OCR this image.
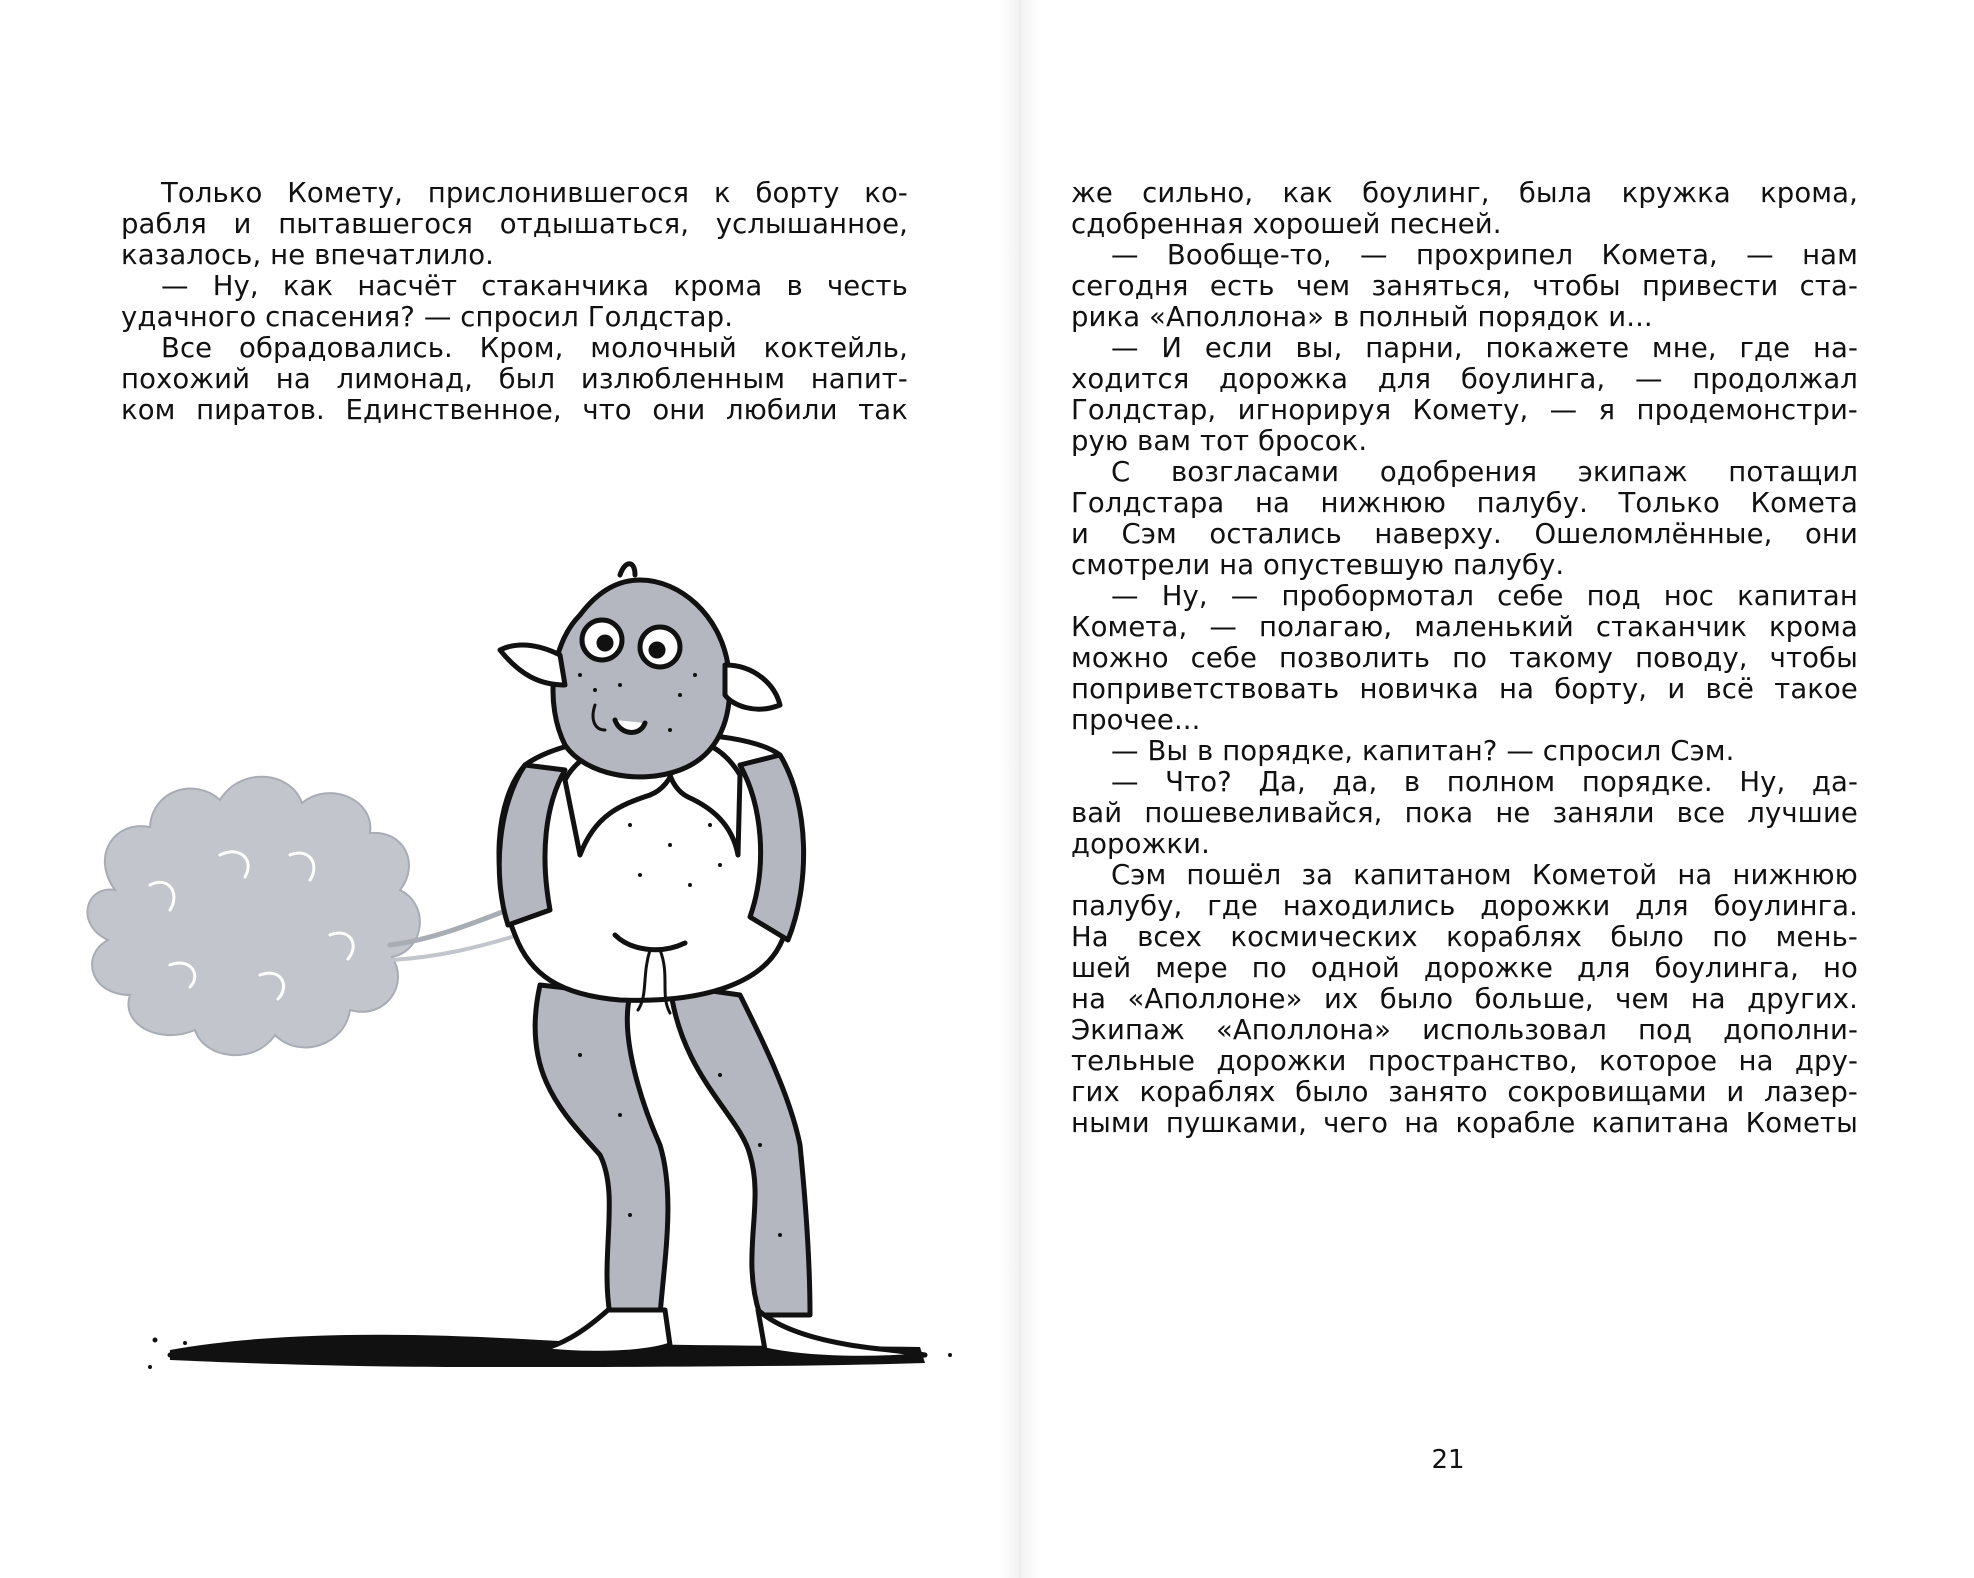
Только Комету, прислонившегося к борту ко-
рабля и пытавшегося отдышаться, услышанное,
казалось, не впечатлило.
— Ну, как насчёт стаканчика крома в честь
удачного спасения? — спросил Голдстар.
Все обрадовались. Кром, молочный коктейль,
похожий на лимонад, был излюбленным напит-
ком пиратов. Единственное, что они любили так
же сильно, как боулинг, была кружка крома,
сдобренная хорошей песней.
— Вообще-то, — прохрипел Комета, — нам
сегодня есть чем заняться, чтобы привести ста-
рика «Аполлона» в полный порядок и...
— И если вы, парни, покажете мне, где на-
ходится дорожка для боулинга, — продолжал
Голдстар, игнорируя Комету, — я продемонстри-
рую вам тот бросок.
С возгласами одобрения экипаж потащил
Голдстара на нижнюю палубу. Только Комета
и Сэм остались наверху. Ошеломлённые, они
смотрели на опустевшую палубу.
— Ну, — пробормотал себе под нос капитан
Комета, — полагаю, маленький стаканчик крома
можно себе позволить по такому поводу, чтобы
поприветствовать новичка на борту, и всё такое
прочее...
— Вы в порядке, капитан? — спросил Сэм.
— Что? Да, да, в полном порядке. Ну, да-
вай пошевеливайся, пока не заняли все лучшие
дорожки.
Сэм пошёл за капитаном Кометой на нижнюю
палубу, где находились дорожки для боулинга.
На всех космических кораблях было по мень-
шей мере по одной дорожке для боулинга, но
на «Аполлоне» их было больше, чем на других.
Экипаж «Аполлона» использовал под дополни-
тельные дорожки пространство, которое на дру-
гих кораблях было занято сокровищами и лазер-
ными пушками, чего на корабле капитана Кометы
21
